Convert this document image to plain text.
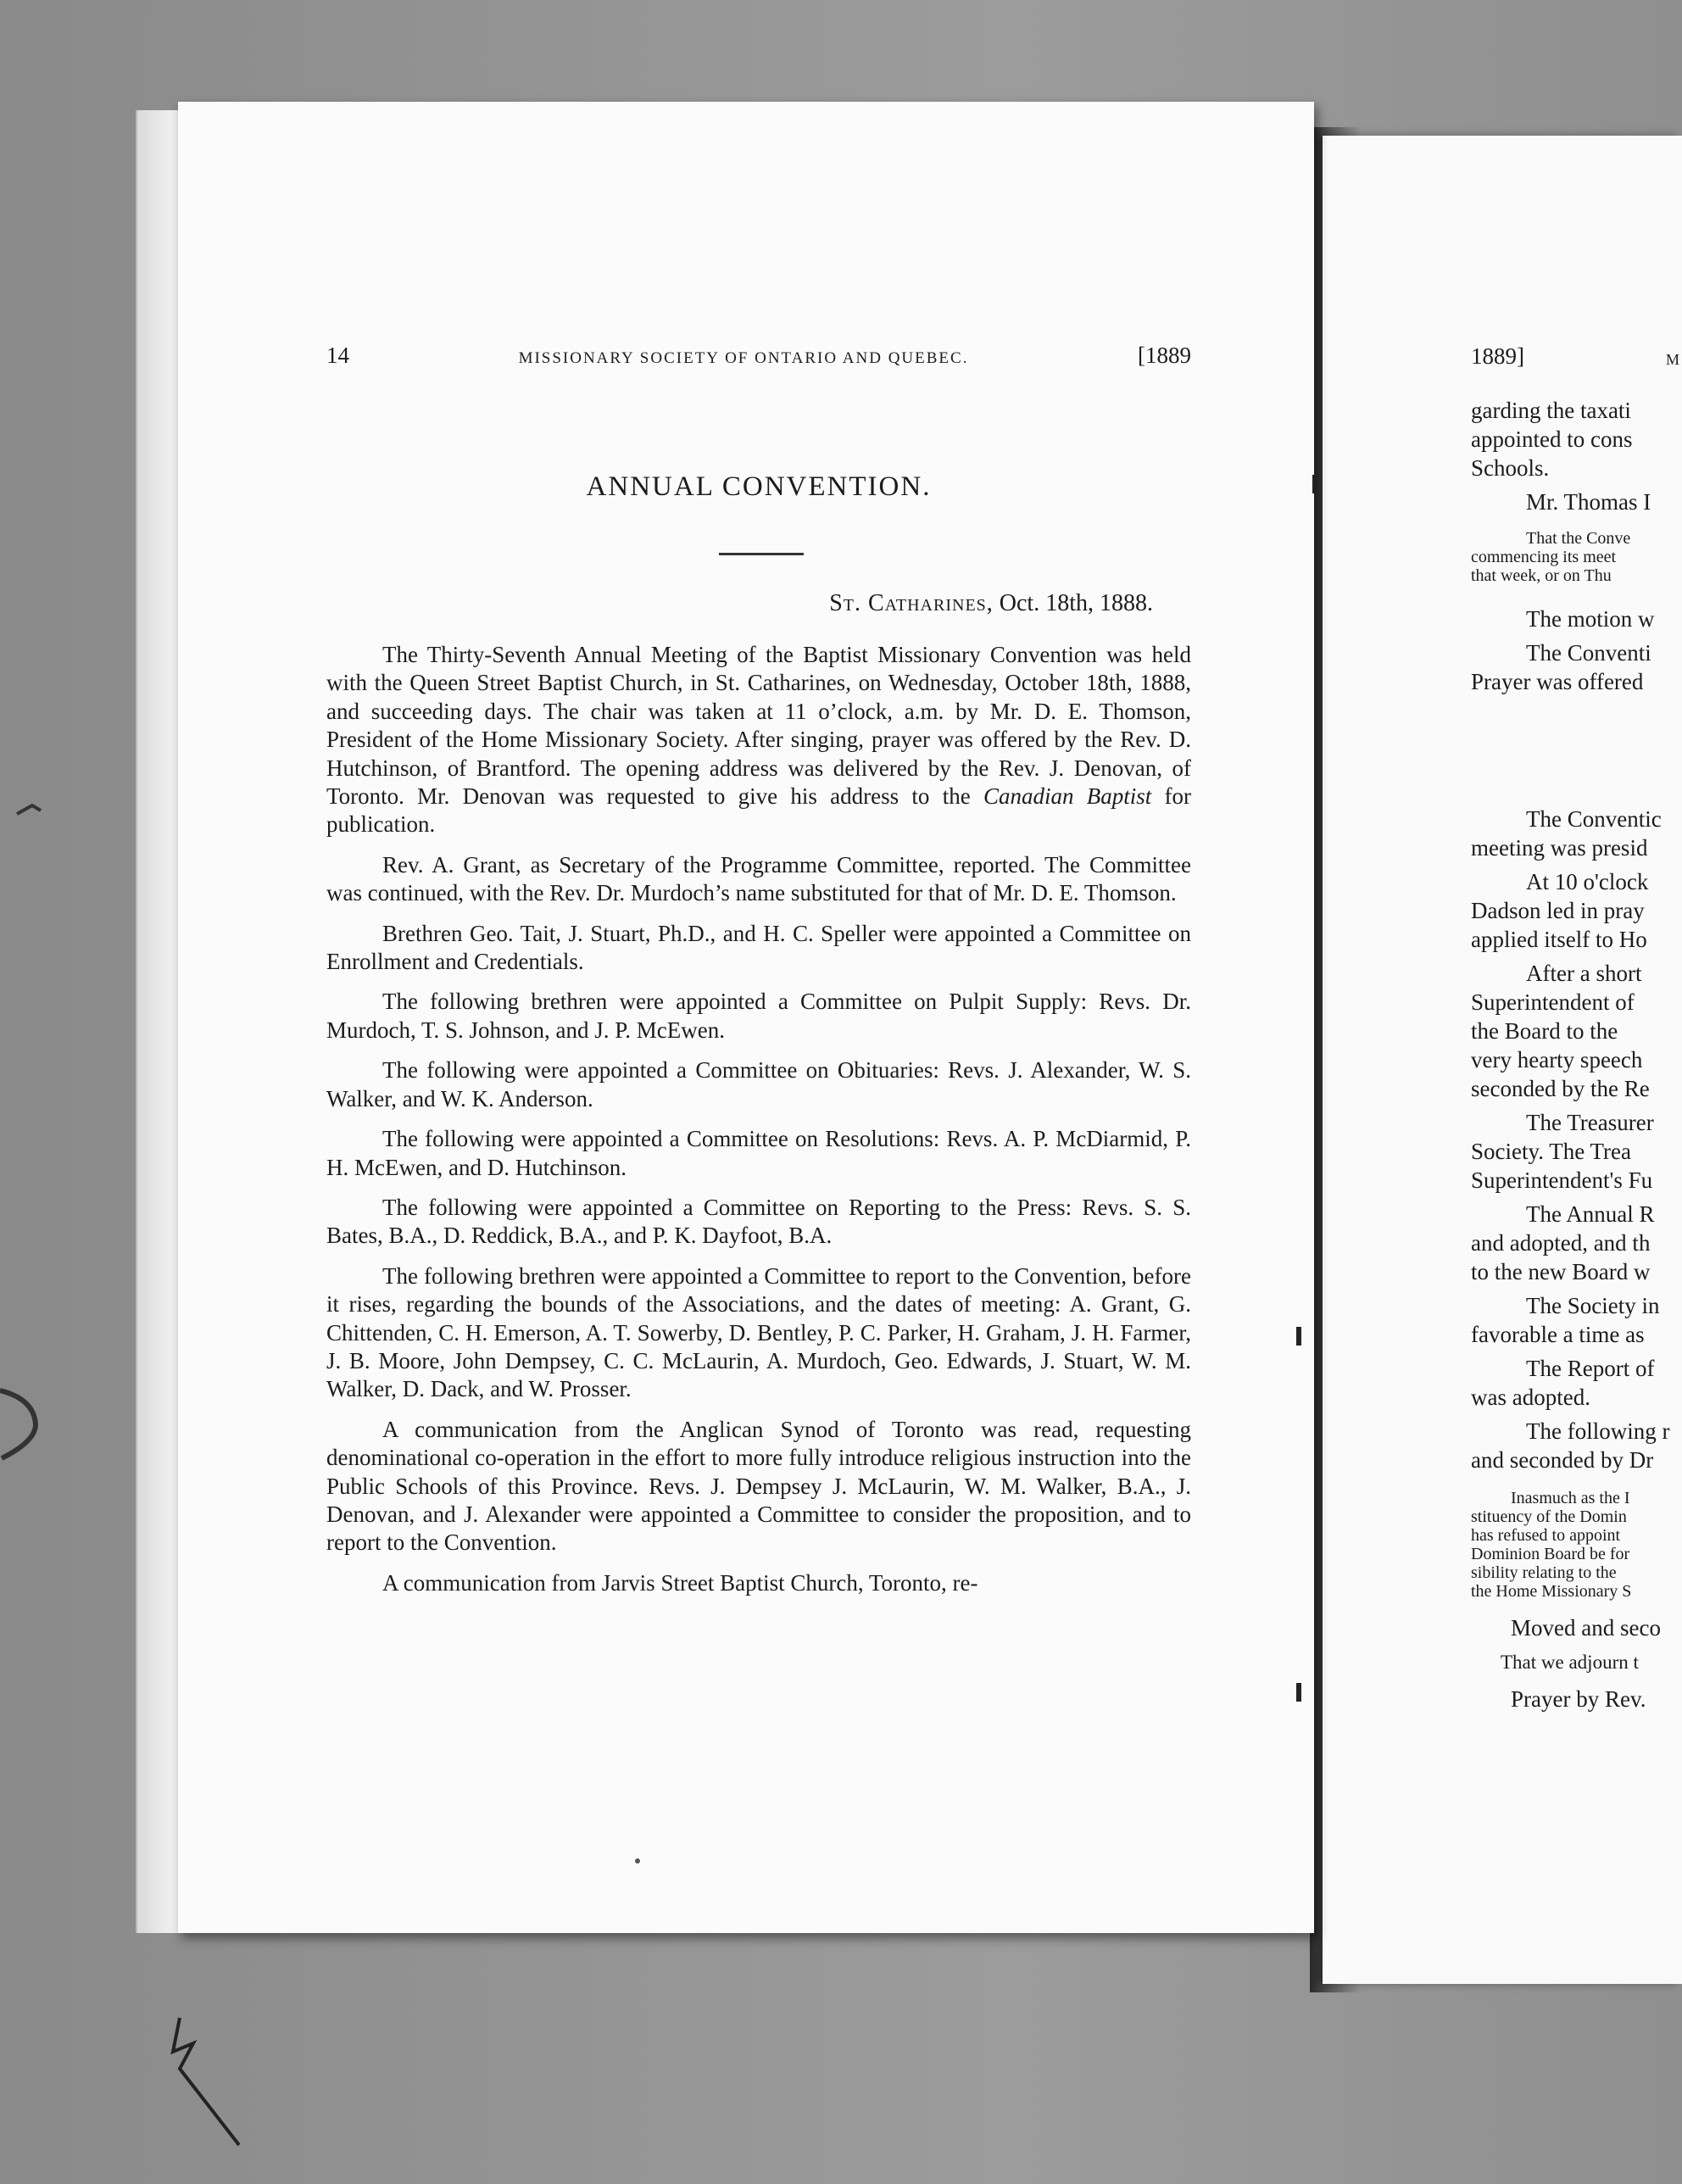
1889]	M
garding the taxati
appointed to cons
Schools.
Mr. Thomas I
That the Conve
commencing its meet
that week, or on Thu
The motion w
The Conventi
Prayer was offered
The Conventic
meeting was presid
At 10 o'clock
Dadson led in pray
applied itself to Ho
After a short
Superintendent of
the Board to the
very hearty speech
seconded by the Re
The Treasurer
Society. The Trea
Superintendent's Fu
The Annual R
and adopted, and th
to the new Board w
The Society in
favorable a time as
The Report of
was adopted.
The following r
and seconded by Dr
Inasmuch as the I
stituency of the Domin
has refused to appoint
Dominion Board be for
sibility relating to the
the Home Missionary S
Moved and seco
That we adjourn t
Prayer by Rev.
14	MISSIONARY SOCIETY OF ONTARIO AND QUEBEC.	[1889
ANNUAL CONVENTION.
St. Catharines, Oct. 18th, 1888.

The Thirty-Seventh Annual Meeting of the Baptist Missionary Convention was held with the Queen Street Baptist Church, in St. Catharines, on Wednesday, October 18th, 1888, and succeeding days. The chair was taken at 11 o’clock, a.m. by Mr. D. E. Thomson, President of the Home Missionary Society. After singing, prayer was offered by the Rev. D. Hutchinson, of Brantford. The opening address was delivered by the Rev. J. Denovan, of Toronto. Mr. Denovan was requested to give his address to the Canadian Baptist for publication.

Rev. A. Grant, as Secretary of the Programme Committee, reported. The Committee was continued, with the Rev. Dr. Murdoch’s name substituted for that of Mr. D. E. Thomson.

Brethren Geo. Tait, J. Stuart, Ph.D., and H. C. Speller were appointed a Committee on Enrollment and Credentials.

The following brethren were appointed a Committee on Pulpit Supply: Revs. Dr. Murdoch, T. S. Johnson, and J. P. McEwen.

The following were appointed a Committee on Obituaries: Revs. J. Alexander, W. S. Walker, and W. K. Anderson.

The following were appointed a Committee on Resolutions: Revs. A. P. McDiarmid, P. H. McEwen, and D. Hutchinson.

The following were appointed a Committee on Reporting to the Press: Revs. S. S. Bates, B.A., D. Reddick, B.A., and P. K. Dayfoot, B.A.

The following brethren were appointed a Committee to report to the Convention, before it rises, regarding the bounds of the Associations, and the dates of meeting: A. Grant, G. Chittenden, C. H. Emerson, A. T. Sowerby, D. Bentley, P. C. Parker, H. Graham, J. H. Farmer, J. B. Moore, John Dempsey, C. C. McLaurin, A. Murdoch, Geo. Edwards, J. Stuart, W. M. Walker, D. Dack, and W. Prosser.

A communication from the Anglican Synod of Toronto was read, requesting denominational co-operation in the effort to more fully introduce religious instruction into the Public Schools of this Province. Revs. J. Dempsey J. McLaurin, W. M. Walker, B.A., J. Denovan, and J. Alexander were appointed a Committee to consider the proposition, and to report to the Convention.

A communication from Jarvis Street Baptist Church, Toronto, re-
